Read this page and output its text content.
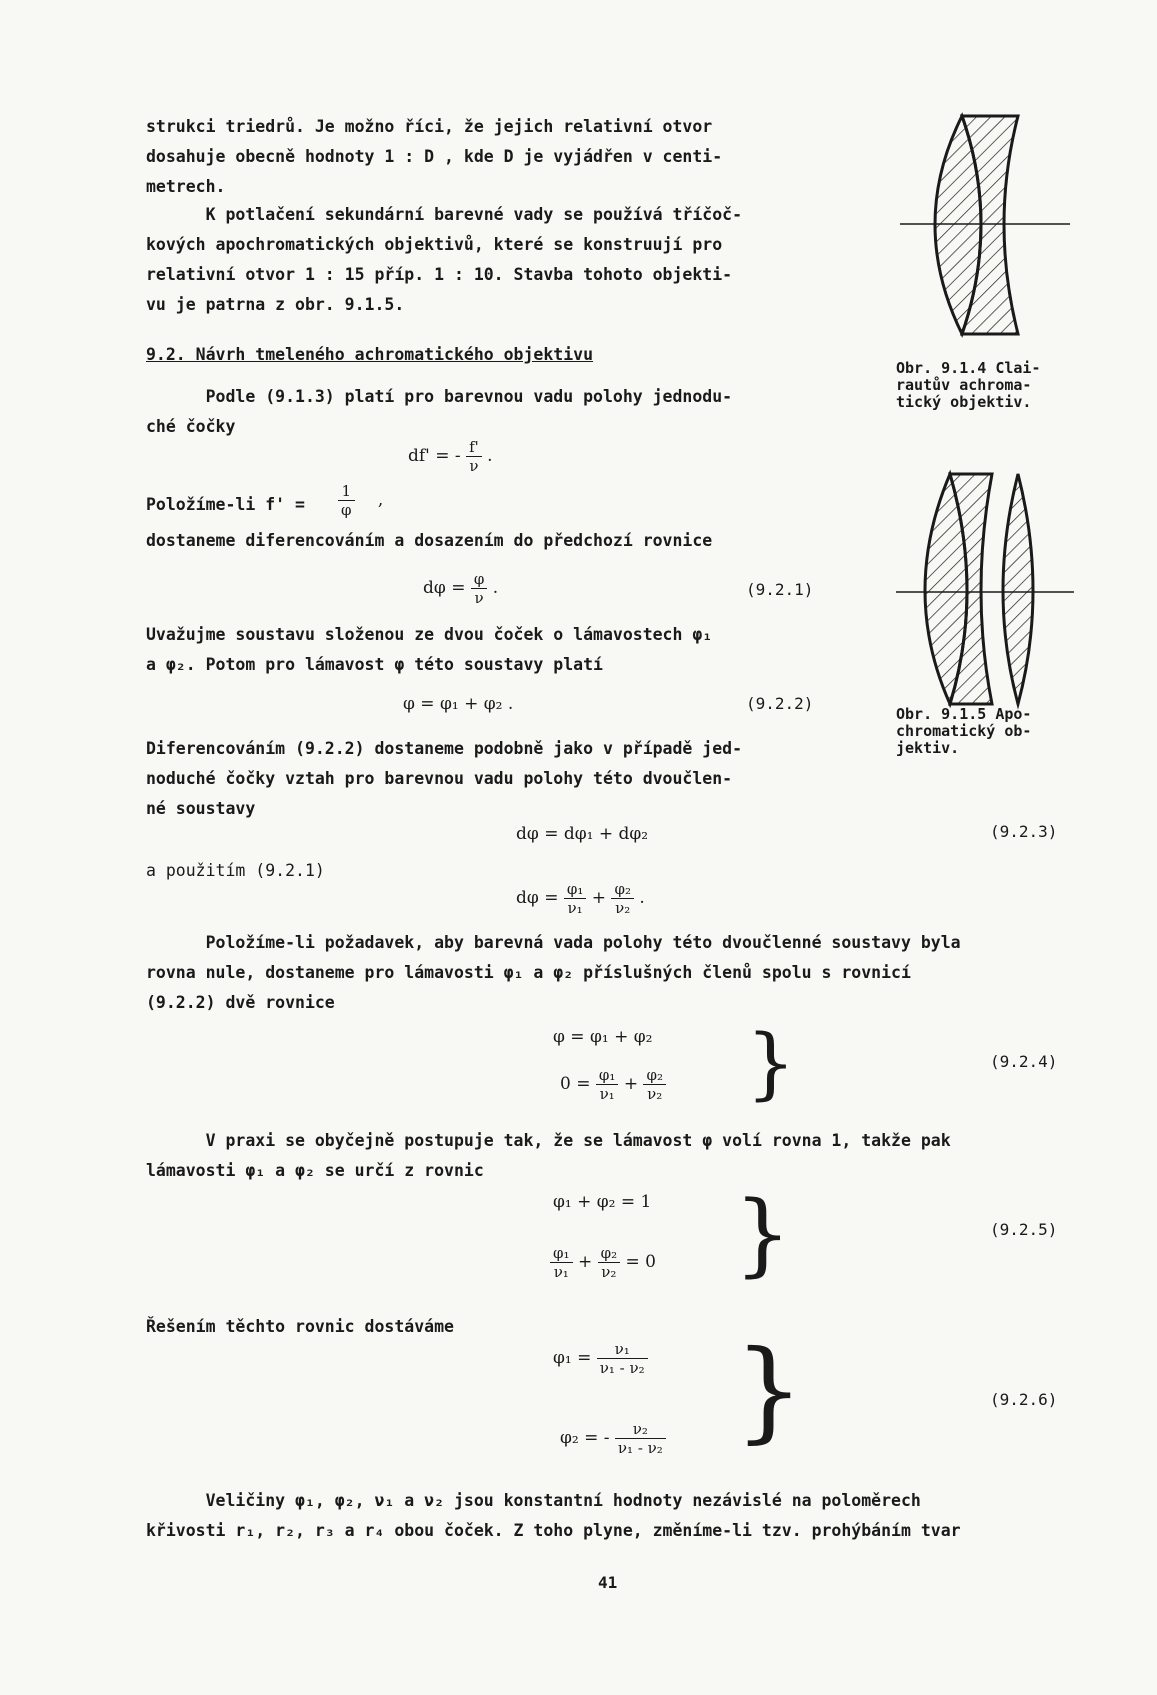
strukci triedrů. Je možno říci, že jejich relativní otvor
dosahuje obecně hodnoty 1 : D , kde D je vyjádřen v centi-
metrech.

K potlačení sekundární barevné vady se používá tříčoč-
kových apochromatických objektivů, které se konstruují pro
relativní otvor 1 : 15 příp. 1 : 10. Stavba tohoto objekti-
vu je patrna z obr. 9.1.5.

9.2. Návrh tmeleného achromatického objektivu

Podle (9.1.3) platí pro barevnou vadu polohy jednodu-
ché čočky

df' = - $\frac{f'}{\nu}$ .

Položíme-li $f' = \frac{1}{\varphi}$ ,

dostaneme diferencováním a dosazením do předchozí rovnice

$d\varphi = \frac{\varphi}{\nu}$ .	(9.2.1)

Uvažujme soustavu složenou ze dvou čoček o lámavostech φ₁
a φ₂. Potom pro lámavost φ této soustavy platí

φ = φ₁ + φ₂ .	(9.2.2)

Diferencováním (9.2.2) dostaneme podobně jako v případě jed-
noduché čočky vztah pro barevnou vadu polohy této dvoučlen-
né soustavy

dφ = dφ₁ + dφ₂	(9.2.3)

a použitím (9.2.1)

$d\varphi = \frac{\text{φ₁}}{\text{ν₁}} + \frac{\text{φ₂}}{\text{ν₂}}$ .

Položíme-li požadavek, aby barevná vada polohy této dvoučlenné soustavy byla
rovna nule, dostaneme pro lámavosti φ₁ a φ₂ příslušných členů spolu s rovnicí
(9.2.2) dvě rovnice

φ = φ₁ + φ₂
$0 = \frac{\text{φ₁}}{\text{ν₁}} + \frac{\text{φ₂}}{\text{ν₂}}$ }	(9.2.4)

V praxi se obyčejně postupuje tak, že se lámavost φ volí rovna 1, takže pak
lámavosti φ₁ a φ₂ se určí z rovnic

φ₁ + φ₂ = 1
$\frac{\text{φ₁}}{\text{ν₁}} + \frac{\text{φ₂}}{\text{ν₂}} = 0$ }	(9.2.5)

Řešením těchto rovnic dostáváme

$\varphi_1 = \frac{\text{ν₁}}{\text{ν₁ - ν₂}}$
φ₂ = - $\frac{\text{ν₂}}{\text{ν₁ - ν₂}}$ }	(9.2.6)

Veličiny φ₁, φ₂, ν₁ a ν₂ jsou konstantní hodnoty nezávislé na poloměrech
křivosti r₁, r₂, r₃ a r₄ obou čoček. Z toho plyne, změníme-li tzv. prohýbáním tvar

Obr. 9.1.4 Clai-
rautův achroma-
tický objektiv.
Obr. 9.1.5 Apo-
chromatický ob-
jektiv.
41
